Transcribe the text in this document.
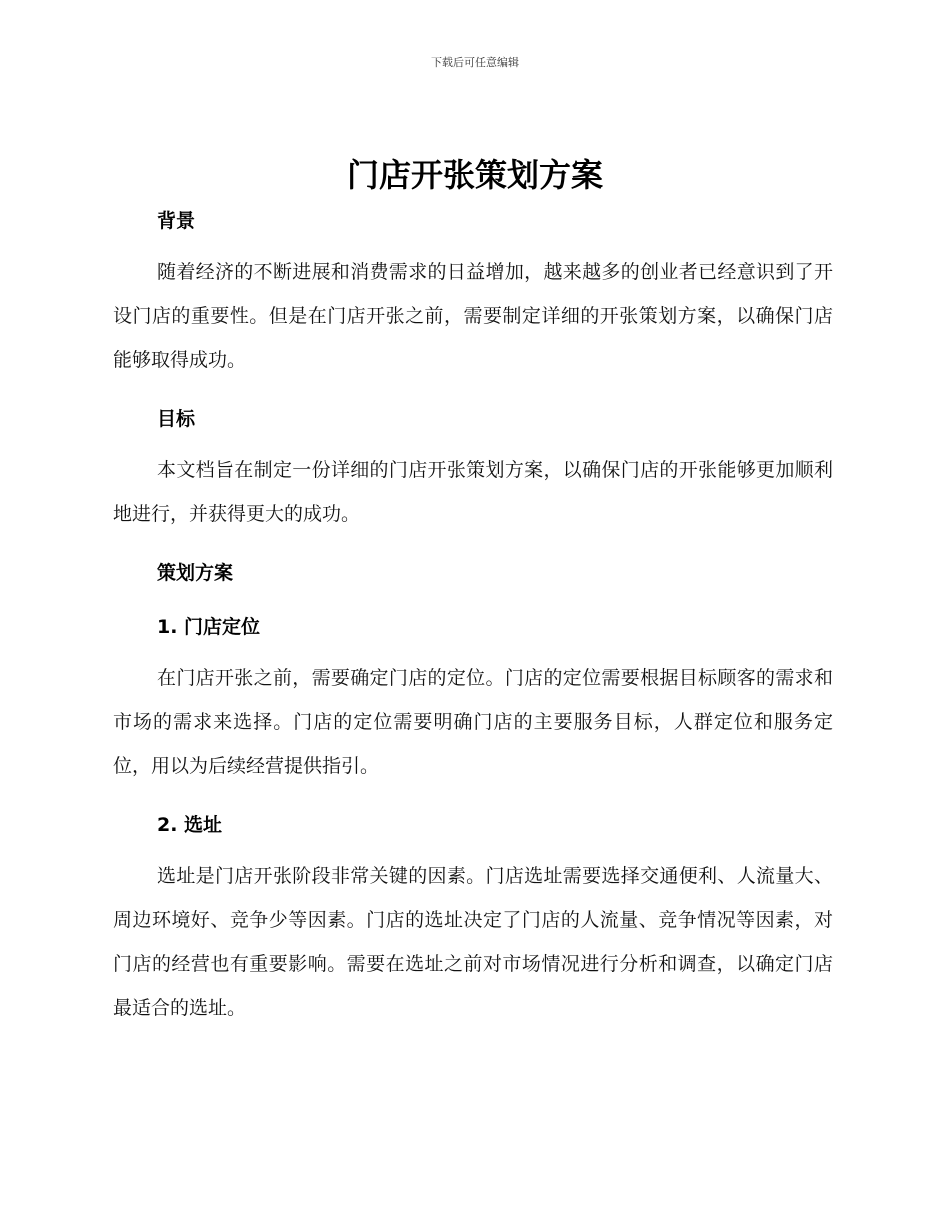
下载后可任意编辑
门店开张策划方案
背景

随着经济的不断进展和消费需求的日益增加，越来越多的创业者已经意识到了开设门店的重要性。但是在门店开张之前，需要制定详细的开张策划方案，以确保门店能够取得成功。

目标

本文档旨在制定一份详细的门店开张策划方案，以确保门店的开张能够更加顺利地进行，并获得更大的成功。

策划方案
1. 门店定位

在门店开张之前，需要确定门店的定位。门店的定位需要根据目标顾客的需求和市场的需求来选择。门店的定位需要明确门店的主要服务目标，人群定位和服务定位，用以为后续经营提供指引。

2. 选址

选址是门店开张阶段非常关键的因素。门店选址需要选择交通便利、人流量大、周边环境好、竞争少等因素。门店的选址决定了门店的人流量、竞争情况等因素，对门店的经营也有重要影响。需要在选址之前对市场情况进行分析和调查，以确定门店最适合的选址。
